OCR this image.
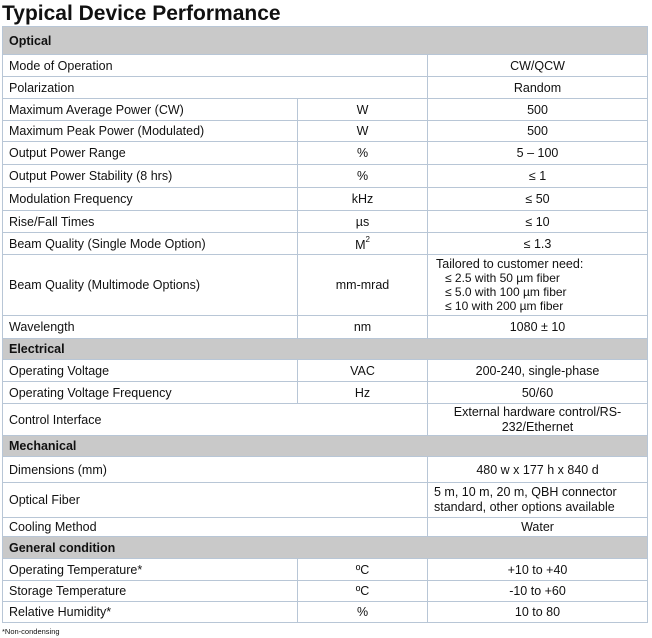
Typical Device Performance
Optical		
Mode of Operation		CW/QCW
Polarization		Random
Maximum Average Power (CW)	W	500
Maximum Peak Power (Modulated)	W	500
Output Power Range	%	5 – 100
Output Power Stability (8 hrs)	%	≤ 1
Modulation Frequency	kHz	≤ 50
Rise/Fall Times	µs	≤ 10
Beam Quality (Single Mode Option)	$M^2$	≤ 1.3
Beam Quality (Multimode Options)	mm-mrad	Tailored to customer need:
≤ 2.5 with 50 µm fiber
≤ 5.0 with 100 µm fiber
≤ 10 with 200 µm fiber

Wavelength	nm	1080 ± 10
Electrical		
Operating Voltage	VAC	200-240, single-phase
Operating Voltage Frequency	Hz	50/60
Control Interface		External hardware control/RS-232/Ethernet
Mechanical		
Dimensions (mm)		480 w x 177 h x 840 d
Optical Fiber		5 m, 10 m, 20 m, QBH connector standard, other options available
Cooling Method		Water
General condition		
Operating Temperature*	ºC	+10 to +40
Storage Temperature	ºC	-10 to +60
Relative Humidity*	%	10 to 80
*Non-condensing
